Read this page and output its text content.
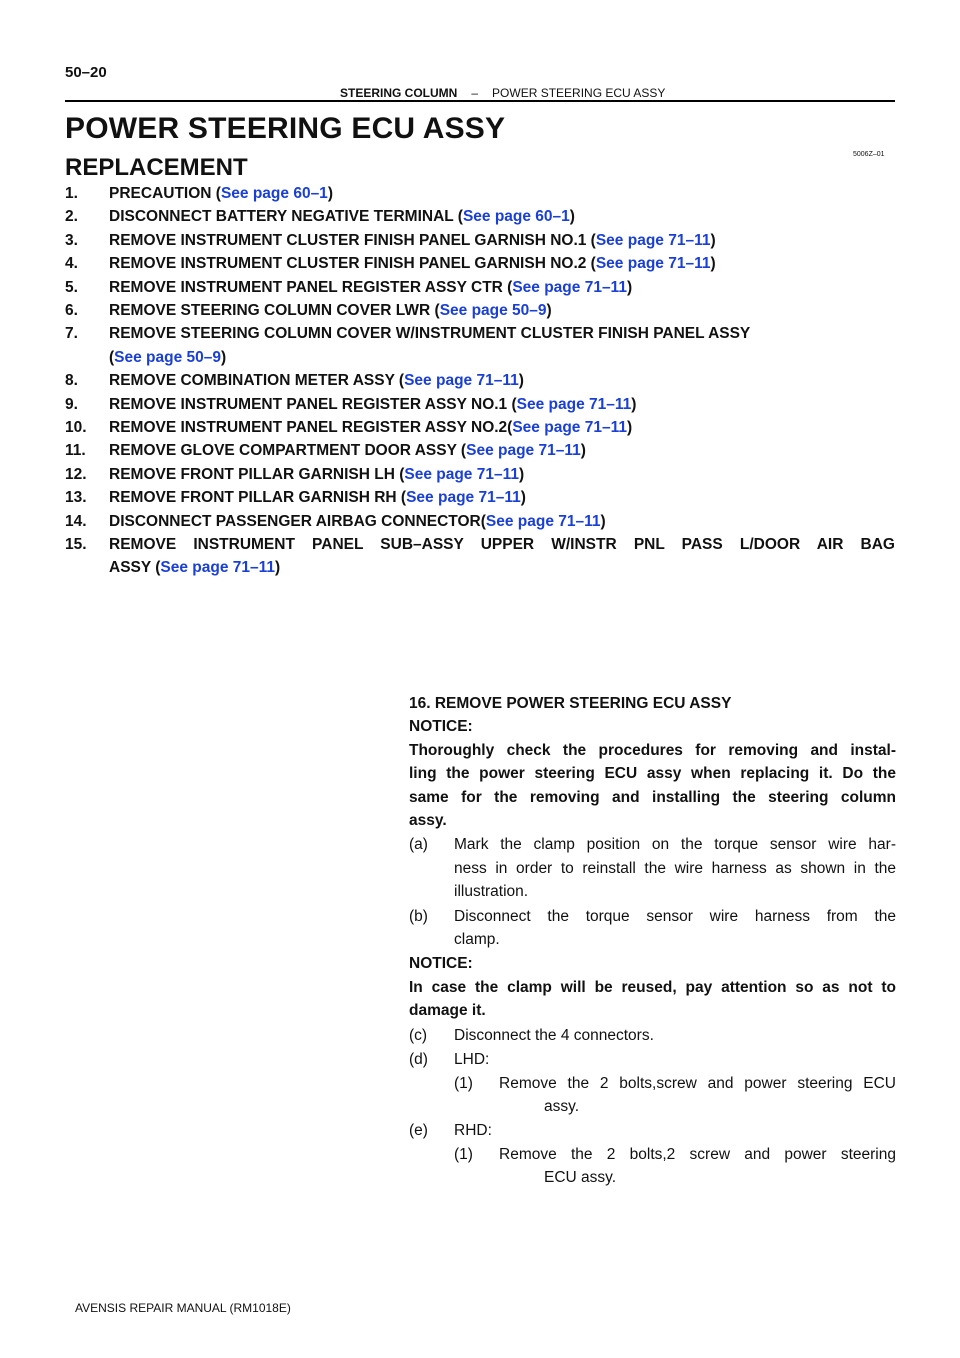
50–20
STEERING COLUMN – POWER STEERING ECU ASSY
POWER STEERING ECU ASSY
REPLACEMENT	5006Z–01
1. PRECAUTION (See page 60–1)
2. DISCONNECT BATTERY NEGATIVE TERMINAL (See page 60–1)
3. REMOVE INSTRUMENT CLUSTER FINISH PANEL GARNISH NO.1 (See page 71–11)
4. REMOVE INSTRUMENT CLUSTER FINISH PANEL GARNISH NO.2 (See page 71–11)
5. REMOVE INSTRUMENT PANEL REGISTER ASSY CTR (See page 71–11)
6. REMOVE STEERING COLUMN COVER LWR (See page 50–9)
7. REMOVE STEERING COLUMN COVER W/INSTRUMENT CLUSTER FINISH PANEL ASSY
(See page 50–9)
8. REMOVE COMBINATION METER ASSY (See page 71–11)
9. REMOVE INSTRUMENT PANEL REGISTER ASSY NO.1 (See page 71–11)
10. REMOVE INSTRUMENT PANEL REGISTER ASSY NO.2(See page 71–11)
11. REMOVE GLOVE COMPARTMENT DOOR ASSY (See page 71–11)
12. REMOVE FRONT PILLAR GARNISH LH (See page 71–11)
13. REMOVE FRONT PILLAR GARNISH RH (See page 71–11)
14. DISCONNECT PASSENGER AIRBAG CONNECTOR(See page 71–11)
15. REMOVE INSTRUMENT PANEL SUB–ASSY UPPER W/INSTR PNL PASS L/DOOR AIR BAG
ASSY (See page 71–11)

16. REMOVE POWER STEERING ECU ASSY

NOTICE:

Thoroughly check the procedures for removing and instal-

ling the power steering ECU assy when replacing it. Do the

same for the removing and installing the steering column

assy.

(a) Mark the clamp position on the torque sensor wire har-

ness in order to reinstall the wire harness as shown in the

illustration.

(b) Disconnect the torque sensor wire harness from the

clamp.

NOTICE:

In case the clamp will be reused, pay attention so as not to

damage it.

(c) Disconnect the 4 connectors.

(d) LHD:

(1) Remove the 2 bolts,screw and power steering ECU

assy.

(e) RHD:

(1) Remove the 2 bolts,2 screw and power steering

ECU assy.

AVENSIS REPAIR MANUAL (RM1018E)
